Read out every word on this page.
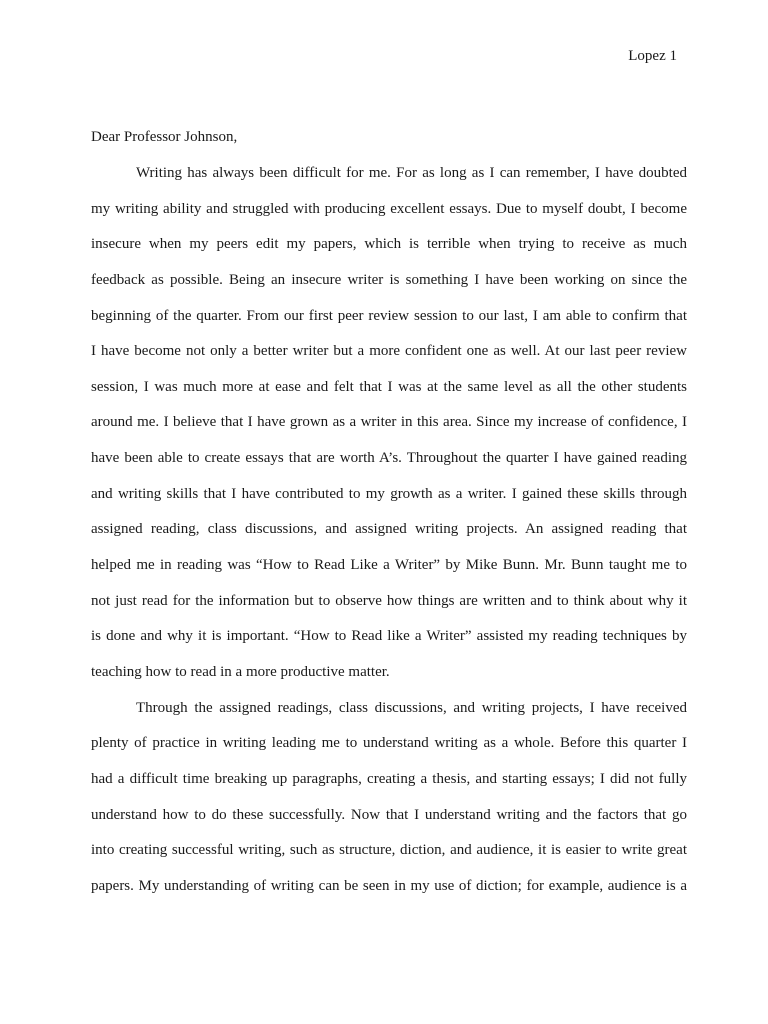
Lopez 1
Dear Professor Johnson,
Writing has always been difficult for me. For as long as I can remember, I have doubted
my writing ability and struggled with producing excellent essays. Due to myself doubt, I become
insecure when my peers edit my papers, which is terrible when trying to receive as much
feedback as possible. Being an insecure writer is something I have been working on since the
beginning of the quarter. From our first peer review session to our last, I am able to confirm that
I have become not only a better writer but a more confident one as well. At our last peer review
session, I was much more at ease and felt that I was at the same level as all the other students
around me. I believe that I have grown as a writer in this area. Since my increase of confidence, I
have been able to create essays that are worth A’s. Throughout the quarter I have gained reading
and writing skills that I have contributed to my growth as a writer. I gained these skills through
assigned reading, class discussions, and assigned writing projects. An assigned reading that
helped me in reading was “How to Read Like a Writer” by Mike Bunn. Mr. Bunn taught me to
not just read for the information but to observe how things are written and to think about why it
is done and why it is important. “How to Read like a Writer” assisted my reading techniques by
teaching how to read in a more productive matter.
Through the assigned readings, class discussions, and writing projects, I have received
plenty of practice in writing leading me to understand writing as a whole. Before this quarter I
had a difficult time breaking up paragraphs, creating a thesis, and starting essays; I did not fully
understand how to do these successfully. Now that I understand writing and the factors that go
into creating successful writing, such as structure, diction, and audience, it is easier to write great
papers. My understanding of writing can be seen in my use of diction; for example, audience is a
